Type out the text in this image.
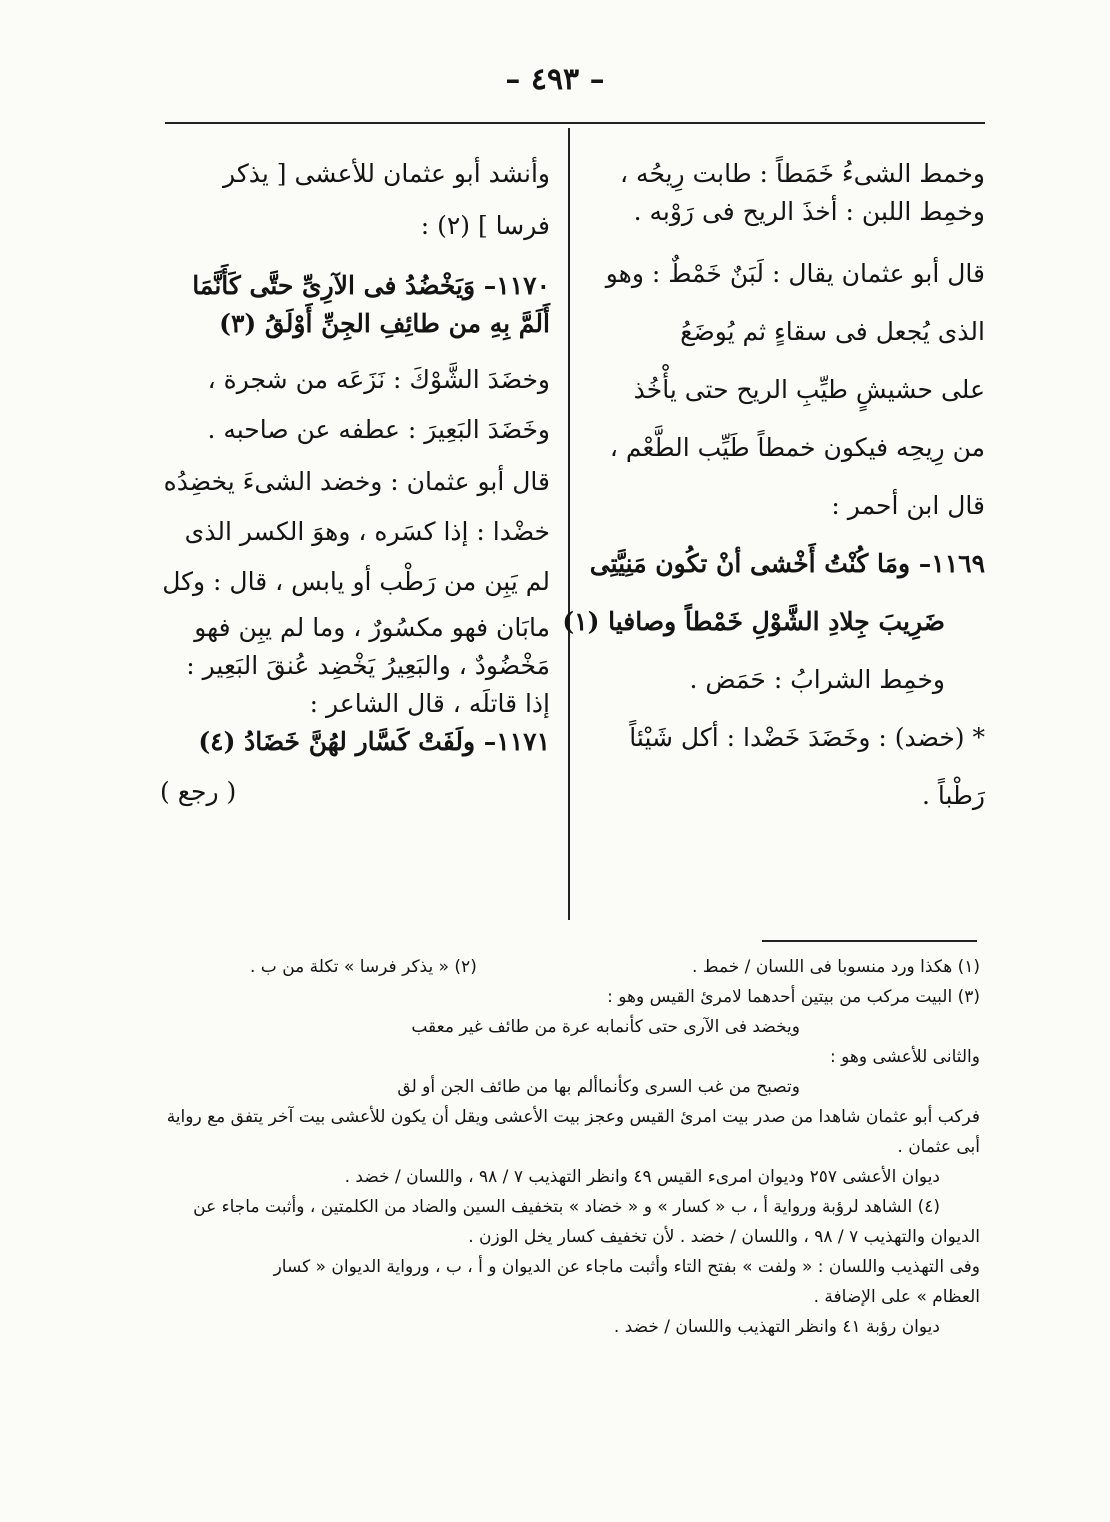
– ٤٩٣ –
وخمط الشىءُ خَمَطاً : طابت رِيحُه ،
وخمِط اللبن : أخذَ الريح فى رَوْبه .
قال أبو عثمان يقال : لَبَنٌ خَمْطٌ : وهو
الذى يُجعل فى سقاءٍ ثم يُوضَعُ
على حشيشٍ طيِّبِ الريح حتى يأْخُذ
من رِيحِه فيكون خمطاً طَيِّب الطَّعْم ،
قال ابن أحمر :
١١٦٩– ومَا كُنْتُ أَخْشى أنْ تكُون مَنِيَّتِى
ضَرِيبَ جِلادِ الشَّوْلِ خَمْطاً وصافيا (١)
وخمِط الشرابُ : حَمَض .
* (خضد) : وخَضَدَ خَضْدا : أكل شَيْئاً
رَطْباً .
وأنشد أبو عثمان للأعشى [ يذكر
فرسا ] (٢) :
١١٧٠– وَيَخْضُدُ فى الآرِىِّ حتَّى كَأَنَّمَا
أَلَمَّ بِهِ من طائِفِ الجِنِّ أَوْلَقُ (٣)
وخضَدَ الشَّوْكَ : نَزَعَه من شجرة ،
وخَضَدَ البَعِيرَ : عطفه عن صاحبه .
قال أبو عثمان : وخضد الشىءَ يخضِدُه
خضْدا : إذا كسَره ، وهوَ الكسر الذى
لم يَبِن من رَطْب أو يابس ، قال : وكل
مابَان فهو مكسُورٌ ، وما لم يبِن فهو
مَخْضُودٌ ، والبَعِيرُ يَخْضِد عُنقَ البَعِير :
إذا قاتلَه ، قال الشاعر :
١١٧١– ولَفَتْ كَسَّار لهُنَّ خَضَادُ (٤)
( رجع )
(١) هكذا ورد منسوبا فى اللسان / خمط .
(٢) « يذكر فرسا » تكلة من ب .
(٣) البيت مركب من بيتين أحدهما لامرئ القيس وهو :
ويخضد فى الآرى حتى كأنما
به عرة من طائف غير معقب
والثانى للأعشى وهو :
وتصبح من غب السرى وكأنما
ألم بها من طائف الجن أو لق
فركب أبو عثمان شاهدا من صدر بيت امرئ القيس وعجز بيت الأعشى ويقل أن يكون للأعشى بيت آخر يتفق مع رواية
أبى عثمان .
ديوان الأعشى ٢٥٧ وديوان امرىء القيس ٤٩ وانظر التهذيب ٧ / ٩٨ ، واللسان / خضد .
(٤) الشاهد لرؤبة ورواية أ ، ب « كسار » و « خضاد » بتخفيف السين والضاد من الكلمتين ، وأثبت ماجاء عن
الديوان والتهذيب ٧ / ٩٨ ، واللسان / خضد . لأن تخفيف كسار يخل الوزن .
وفى التهذيب واللسان : « ولفت » بفتح التاء وأثبت ماجاء عن الديوان و أ ، ب ، ورواية الديوان « كسار
العظام » على الإضافة .
ديوان رؤبة ٤١ وانظر التهذيب واللسان / خضد .
